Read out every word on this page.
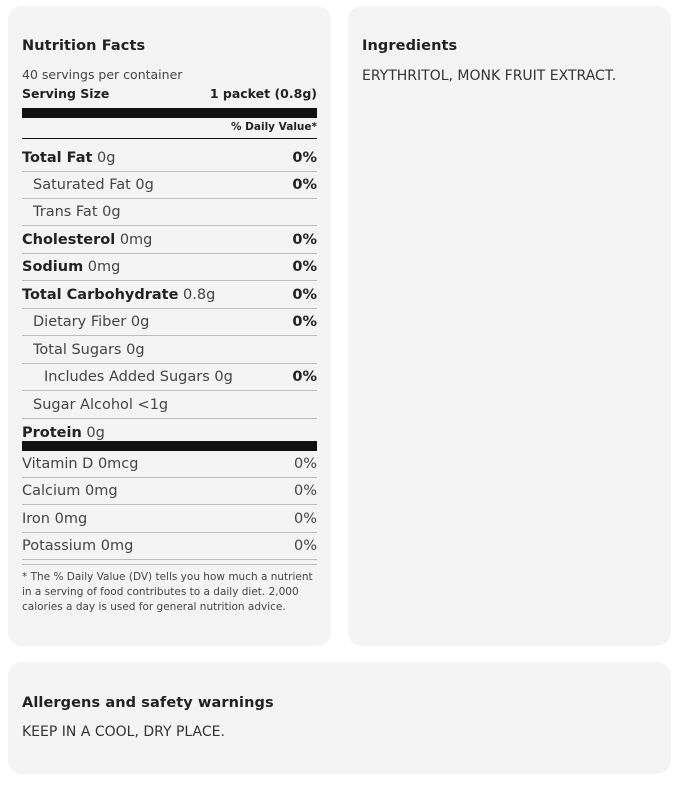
Nutrition Facts
40 servings per container
Serving Size	1 packet (0.8g)
% Daily Value*
Total Fat 0g	0%
Saturated Fat 0g	0%
Trans Fat 0g
Cholesterol 0mg	0%
Sodium 0mg	0%
Total Carbohydrate 0.8g	0%
Dietary Fiber 0g	0%
Total Sugars 0g
Includes Added Sugars 0g	0%
Sugar Alcohol <1g
Protein 0g
Vitamin D 0mcg	0%
Calcium 0mg	0%
Iron 0mg	0%
Potassium 0mg	0%
* The % Daily Value (DV) tells you how much a nutrient in a serving of food contributes to a daily diet. 2,000 calories a day is used for general nutrition advice.
Ingredients
ERYTHRITOL, MONK FRUIT EXTRACT.
Allergens and safety warnings
KEEP IN A COOL, DRY PLACE.
